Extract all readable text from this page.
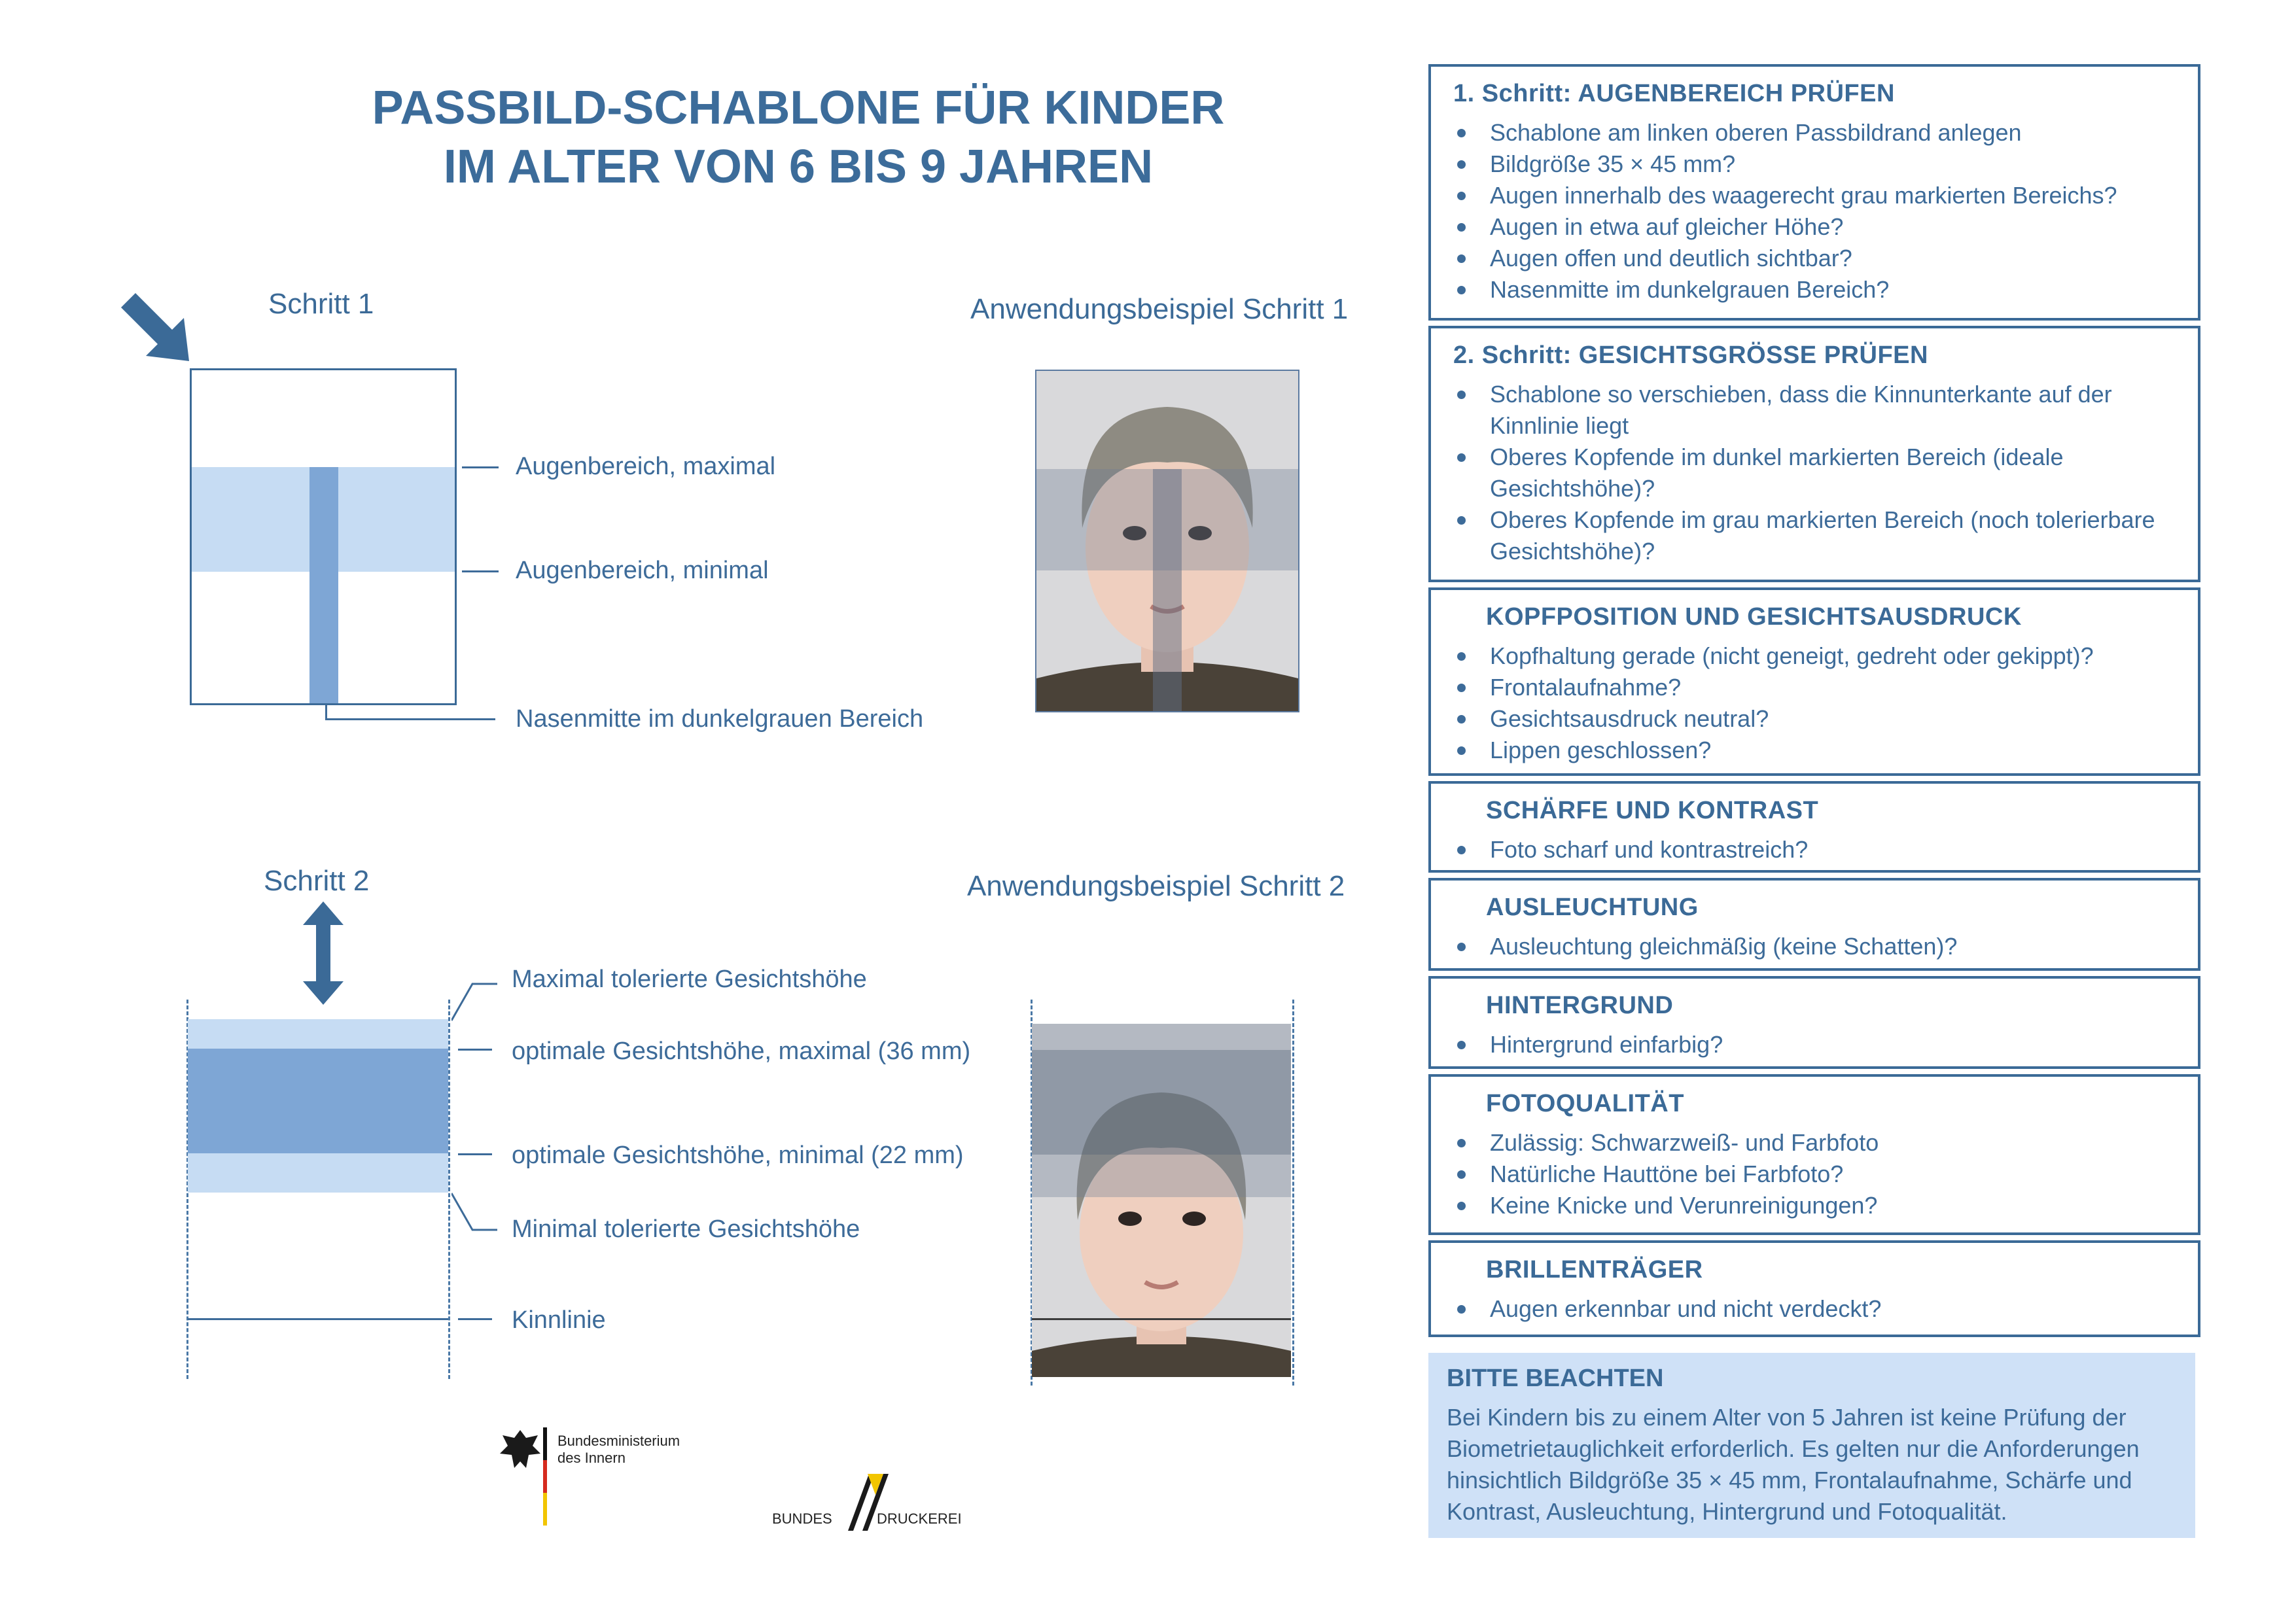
PASSBILD-SCHABLONE FÜR KINDER
IM ALTER VON 6 BIS 9 JAHREN
Schritt 1	Anwendungsbeispiel Schritt 1
Augenbereich, maximal
Augenbereich, minimal
Nasenmitte im dunkelgrauen Bereich
Schritt 2	Anwendungsbeispiel Schritt 2
Maximal tolerierte Gesichtshöhe
optimale Gesichtshöhe, maximal (36 mm)
optimale Gesichtshöhe, minimal (22 mm)
Minimal tolerierte Gesichtshöhe
Kinnlinie
Bundesministerium
des Innern
BUNDES	DRUCKEREI
1. Schritt: AUGENBEREICH PRÜFEN
Schablone am linken oberen Passbildrand anlegen
Bildgröße 35 × 45 mm?
Augen innerhalb des waagerecht grau markierten Bereichs?
Augen in etwa auf gleicher Höhe?
Augen offen und deutlich sichtbar?
Nasenmitte im dunkelgrauen Bereich?
2. Schritt: GESICHTSGRÖSSE PRÜFEN
Schablone so verschieben, dass die Kinnunterkante auf der Kinnlinie liegt
Oberes Kopfende im dunkel markierten Bereich (ideale Gesichtshöhe)?
Oberes Kopfende im grau markierten Bereich (noch tolerierbare Gesichtshöhe)?
KOPFPOSITION UND GESICHTSAUSDRUCK
Kopfhaltung gerade (nicht geneigt, gedreht oder gekippt)?
Frontalaufnahme?
Gesichtsausdruck neutral?
Lippen geschlossen?
SCHÄRFE UND KONTRAST
Foto scharf und kontrastreich?
AUSLEUCHTUNG
Ausleuchtung gleichmäßig (keine Schatten)?
HINTERGRUND
Hintergrund einfarbig?
FOTOQUALITÄT
Zulässig: Schwarzweiß- und Farbfoto
Natürliche Hauttöne bei Farbfoto?
Keine Knicke und Verunreinigungen?
BRILLENTRÄGER
Augen erkennbar und nicht verdeckt?
BITTE BEACHTEN

Bei Kindern bis zu einem Alter von 5 Jahren ist keine Prüfung der Biometrietauglichkeit erforderlich. Es gelten nur die Anforderungen hinsichtlich Bildgröße 35 × 45 mm, Frontalaufnahme, Schärfe und Kontrast, Ausleuchtung, Hintergrund und Fotoqualität.
